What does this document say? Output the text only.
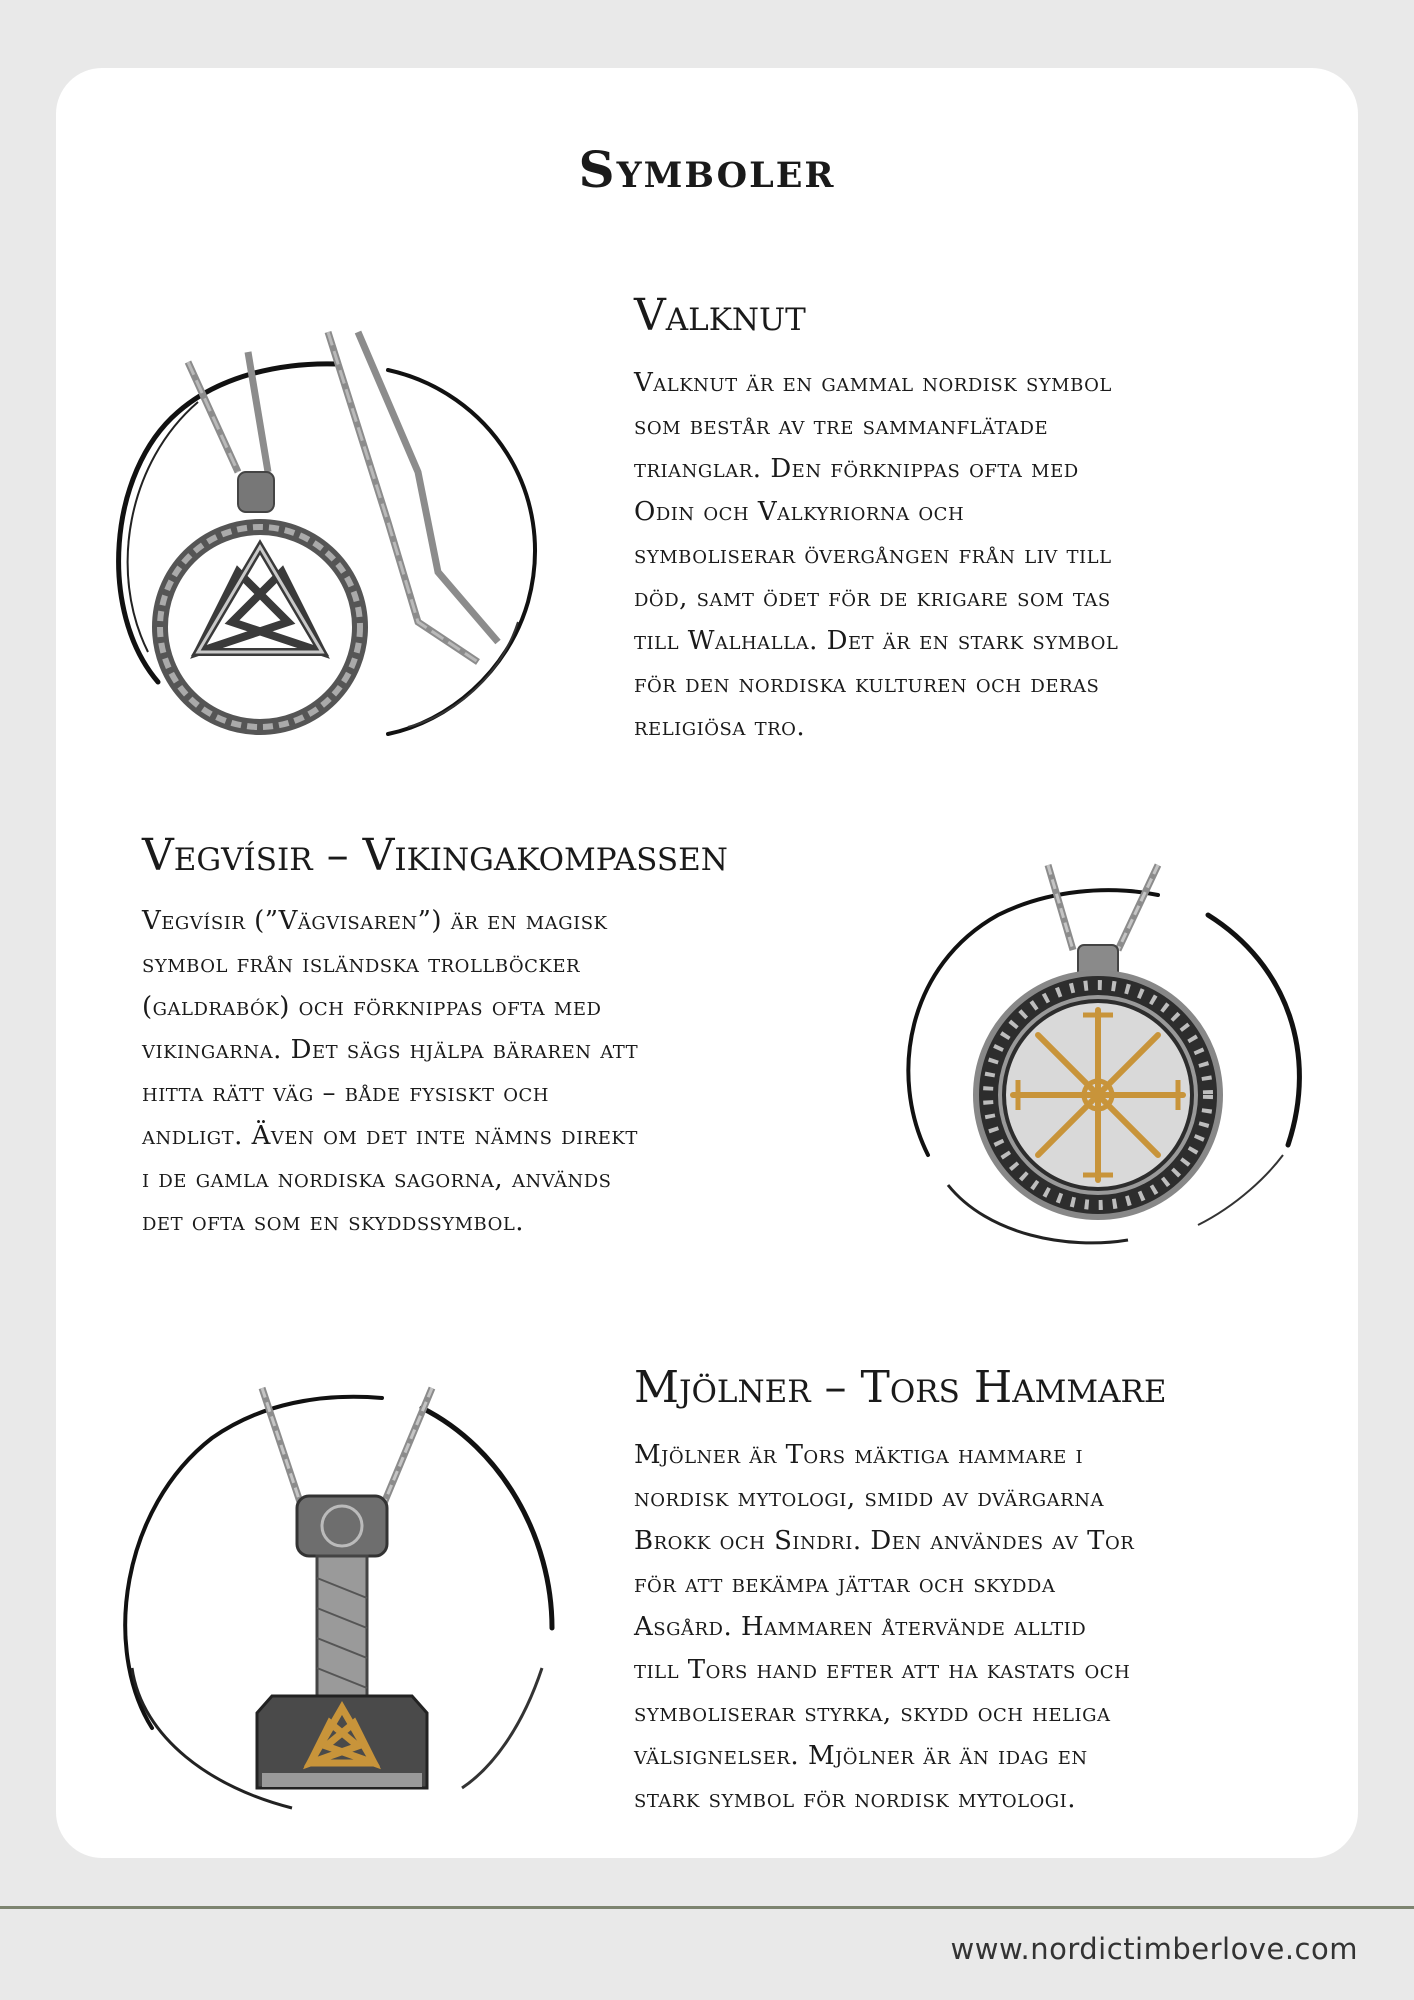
Symboler
Valknut
Valknut är en gammal nordisk symbol
som består av tre sammanflätade
trianglar. Den förknippas ofta med
Odin och Valkyriorna och
symboliserar övergången från liv till
död, samt ödet för de krigare som tas
till Walhalla. Det är en stark symbol
för den nordiska kulturen och deras
religiösa tro.
Vegvísir – Vikingakompassen
Vegvísir (”Vägvisaren”) är en magisk
symbol från isländska trollböcker
(galdrabók) och förknippas ofta med
vikingarna. Det sägs hjälpa bäraren att
hitta rätt väg – både fysiskt och
andligt. Även om det inte nämns direkt
i de gamla nordiska sagorna, används
det ofta som en skyddssymbol.
Mjölner – Tors Hammare
Mjölner är Tors mäktiga hammare i
nordisk mytologi, smidd av dvärgarna
Brokk och Sindri. Den användes av Tor
för att bekämpa jättar och skydda
Asgård. Hammaren återvände alltid
till Tors hand efter att ha kastats och
symboliserar styrka, skydd och heliga
välsignelser. Mjölner är än idag en
stark symbol för nordisk mytologi.
www.nordictimberlove.com
